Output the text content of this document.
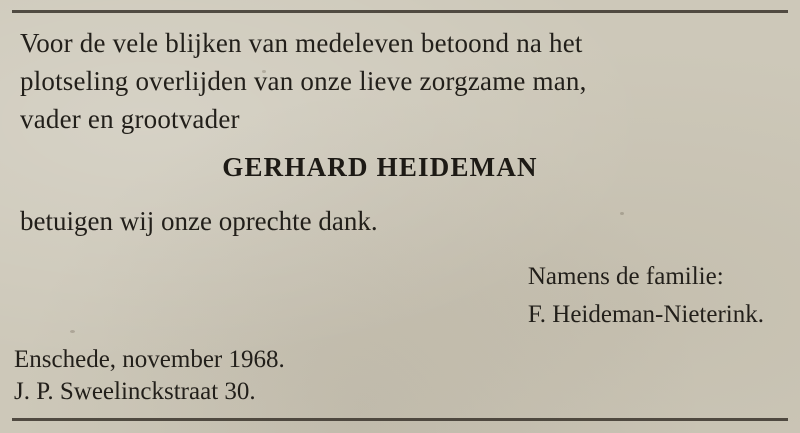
Voor de vele blijken van medeleven betoond na het

plotseling overlijden van onze lieve zorgzame man,

vader en grootvader

GERHARD HEIDEMAN
betuigen wij onze oprechte dank.
Namens de familie:
F. Heideman-Nieterink.
Enschede, november 1968.
J. P. Sweelinckstraat 30.
